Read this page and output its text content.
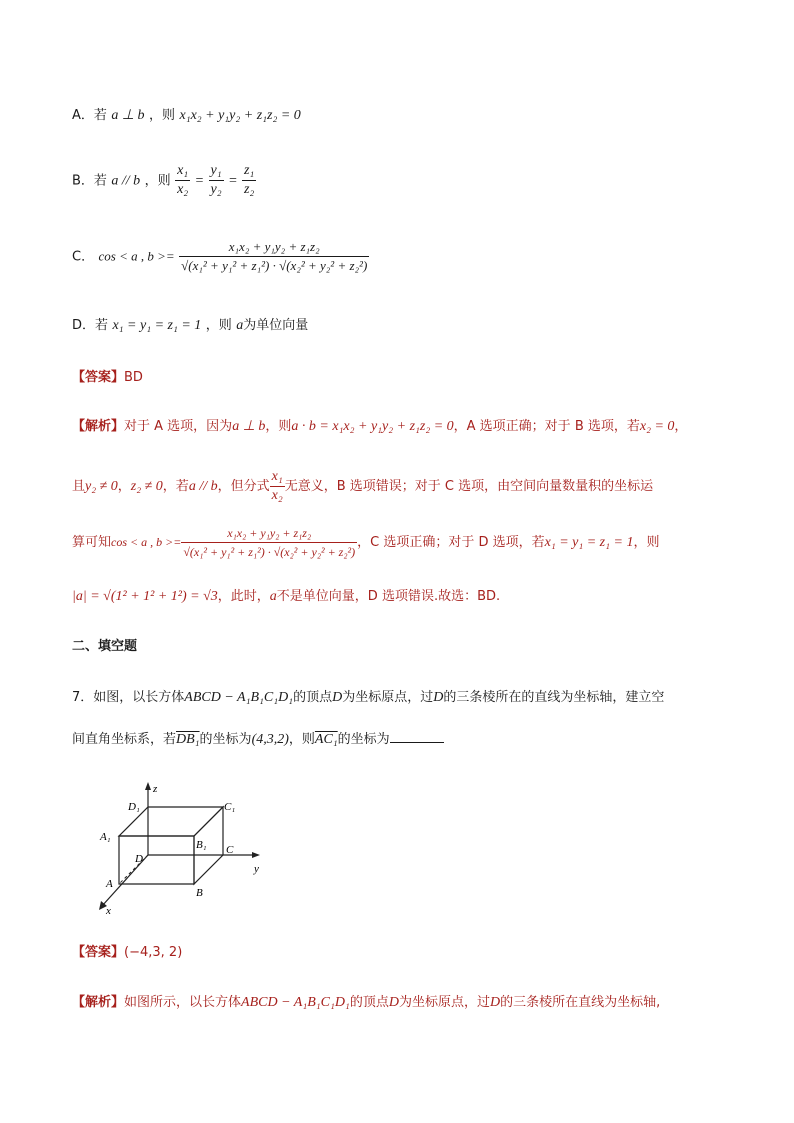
A．若 a ⊥ b ，则 x₁x₂ + y₁y₂ + z₁z₂ = 0
B．若 a // b ，则 $\frac{\text{x₁}}{\text{x₂}} = \frac{\text{y₁}}{\text{y₂}} = \frac{\text{z₁}}{\text{z₂}}$
C． cos < a , $b >= \frac{\text{x₁x₂ + y₁y₂ + z₁z₂}}{\text{√(x₁² + y₁² + z₁²) · √(x₂² + y₂² + z₂²)}}$
D．若 x₁ = y₁ = z₁ = 1 ，则 a为单位向量
【答案】BD
【解析】对于 A 选项，因为a ⊥ b，则a · b = x₁x₂ + y₁y₂ + z₁z₂ = 0，A 选项正确；对于 B 选项，若x₂ = 0，
且y₂ ≠ 0，z₂ ≠ 0，若a // b，但分式 $\frac{\text{x₁}}{\text{x₂}}$ 无意义，B 选项错误；对于 C 选项，由空间向量数量积的坐标运
算可知cos < a , $b >= \frac{\text{x₁x₂ + y₁y₂ + z₁z₂}}{\text{√(x₁² + y₁² + z₁²) · √(x₂² + y₂² + z₂²)}}$ ，C 选项正确；对于 D 选项，若x₁ = y₁ = z₁ = 1，则
|a| = √(1² + 1² + 1²) = √3，此时，a不是单位向量，D 选项错误.故选：BD.
二、填空题
7．如图，以长方体ABCD − A₁B₁C₁D₁的顶点D为坐标原点，过D的三条棱所在的直线为坐标轴，建立空
间直角坐标系，若DB₁的坐标为(4,3,2)，则AC₁的坐标为
z
y
x
D₁	C₁
A₁
B₁
D
C
A
B
【答案】(−4,3, 2)
【解析】如图所示，以长方体ABCD − A₁B₁C₁D₁的顶点D为坐标原点，过D的三条棱所在直线为坐标轴,
